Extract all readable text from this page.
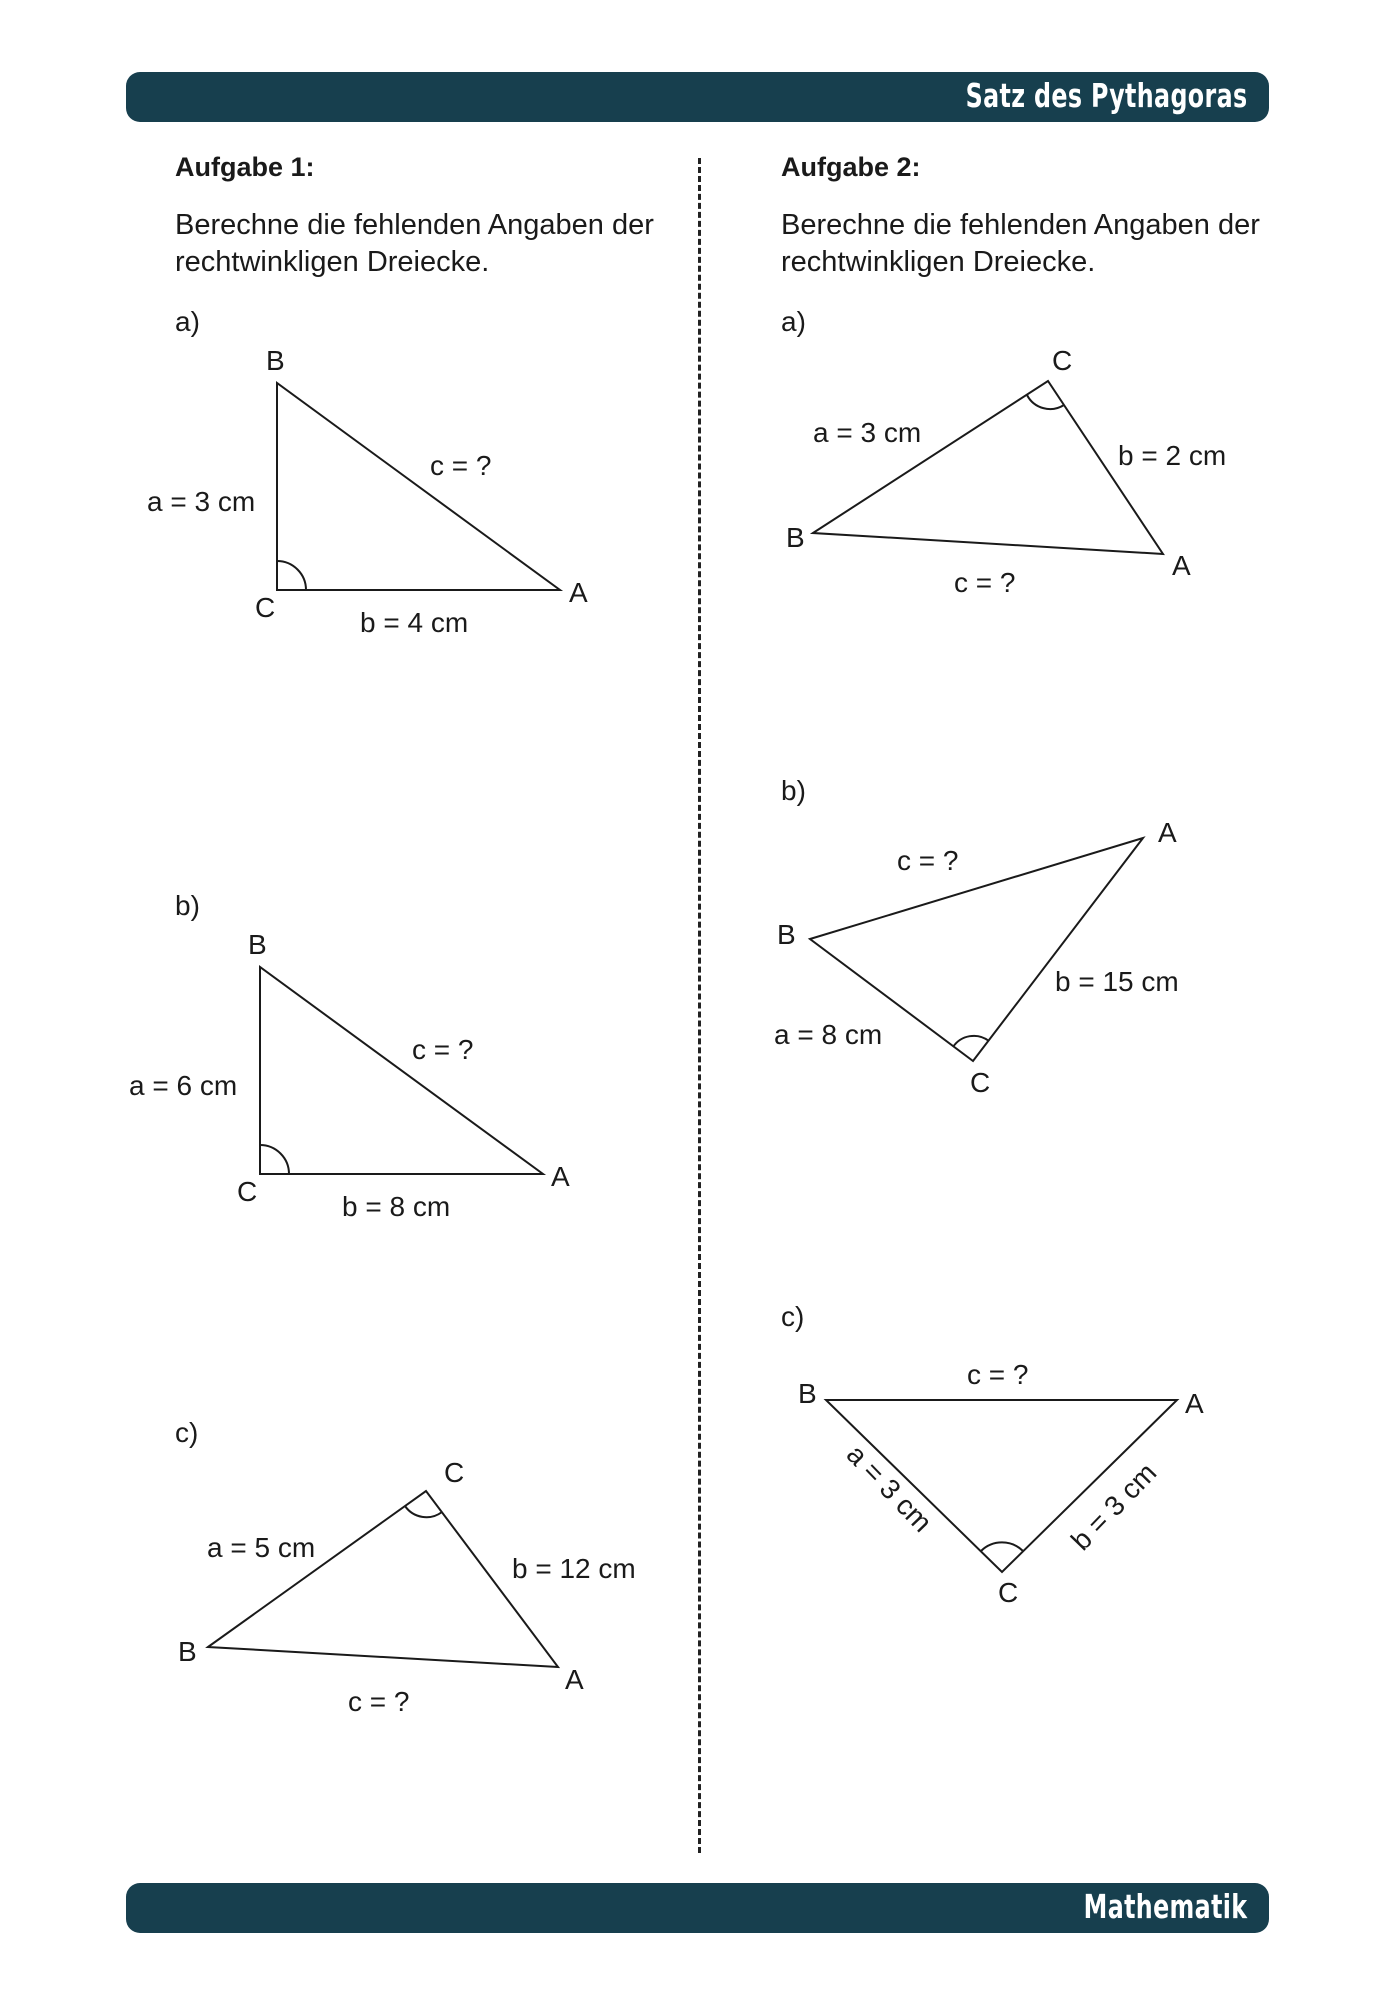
Satz des Pythagoras
Aufgabe 1:
Berechne die fehlenden Angaben der rechtwinkligen Dreiecke.
Aufgabe 2:
Berechne die fehlenden Angaben der rechtwinkligen Dreiecke.
a)
B
C	A
a = 3 cm
b = 4 cm
c = ?
b)
B
C	A
a = 6 cm
b = 8 cm
c = ?
c)
C
B
A
a = 5 cm
b = 12 cm
c = ?
a)
C
B
A
a = 3 cm
b = 2 cm
c = ?
b)
A
B
C
c = ?
b = 15 cm
a = 8 cm
c)
B	A
C
c = ?
a = 3 cm	b = 3 cm
Mathematik
